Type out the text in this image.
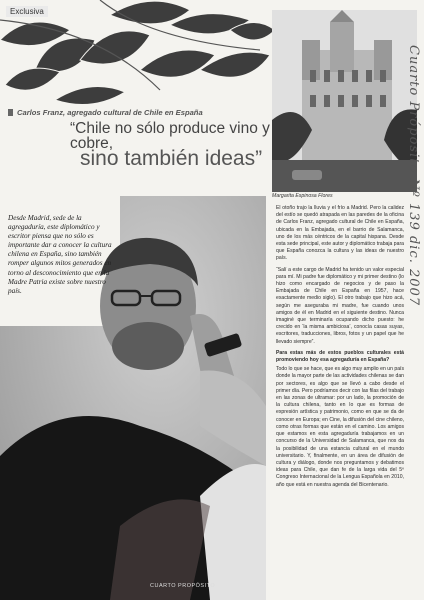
Exclusiva
Carlos Franz, agregado cultural de Chile en España
“Chile no sólo produce vino y cobre,
sino también ideas”
Desde Madrid, sede de la agregaduría, este diplomático y escritor piensa que no sólo es importante dar a conocer la cultura chilena en España, sino también romper algunos mitos generados en torno al desconocimiento que en la Madre Patria existe sobre nuestro país.
Margarita Espinosa Flores	Cuarto Próposito Nº 139 dic. 2007

El otoño trajo la lluvia y el frío a Madrid. Pero la calidez del estío se quedó atrapada en las paredes de la oficina de Carlos Franz, agregado cultural de Chile en España, ubicada en la Embajada, en el barrio de Salamanca, uno de los más céntricos de la capital hispana. Desde esta sede principal, este autor y diplomático trabaja para que España conozca la cultura y las ideas de nuestro país.

“Salí a este cargo de Madrid ha tenido un valor especial para mí. Mi padre fue diplomático y mi primer destino (lo hizo como encargado de negocios y de paso la Embajada de Chile en España en 1957, hace exactamente medio siglo). El otro trabajo que hizo acá, según me aseguraba mi madre, fue cuando unos amigos de él en Madrid en el siguiente destino. Nunca imaginé que terminaría ocupando dicho puesto: he crecido en ‘la misma ambiciosa’, conocía casas suyas, escritores, traducciones, libros, fotos y un papel que he llevado siempre”.

Para estas más de estos pueblos culturales está promoviendo hoy esa agregaduría en España?

Todo lo que se hace, que es algo muy amplio en un país donde la mayor parte de las actividades chilenas se dan por sectores, es algo que se llevó a cabo desde el primer día. Pero podríamos decir con las filas del trabajo en las zonas de ultramar: por un lado, la promoción de la cultura chilena, tanto en lo que es formas de expresión artística y patrimonio, como en que se da de conocer en Europa; en Cine, la difusión del cine chileno, como otras formas que están en el camino. Los amigos que estamos en esta agregaduría trabajamos en un concurso de la Universidad de Salamanca, que nos da la posibilidad de una estancia cultural en el mundo universitario. Y, finalmente, en un área de difusión de cultura y diálogo, donde nos preguntamos y debatimos ideas para Chile, que dan fe de la larga vida del 5º Congreso Internacional de la Lengua Española en 2010, año que está en nuestra agenda del Bicentenario.

CUARTO PROPÓSITO
